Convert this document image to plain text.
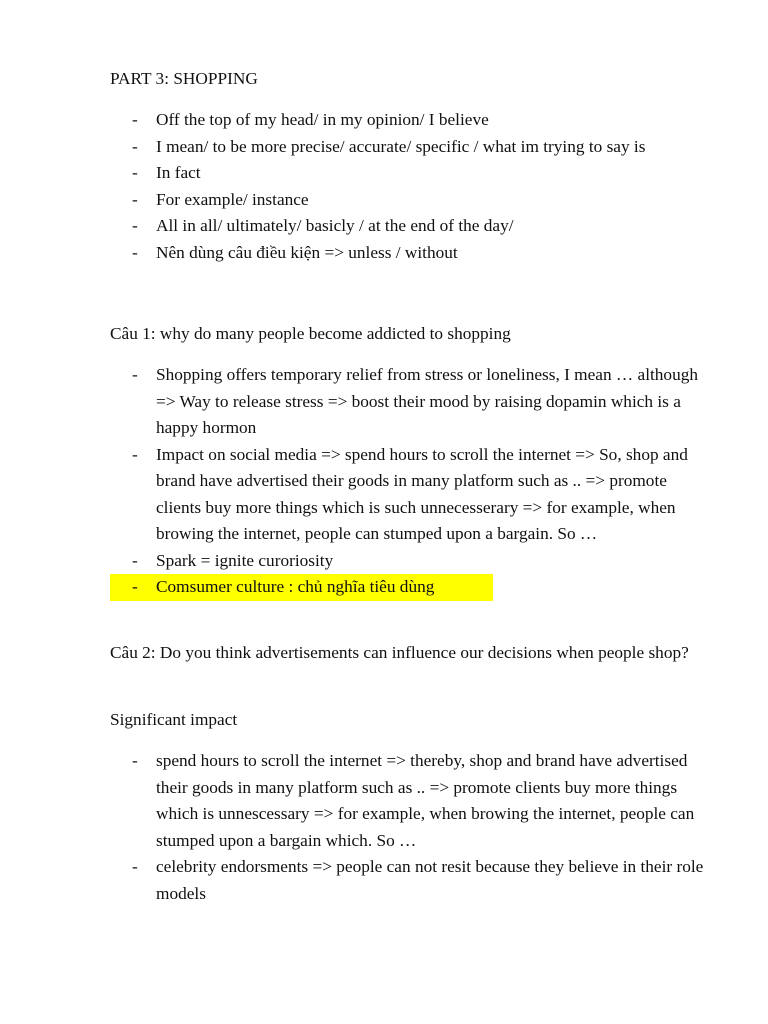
PART 3: SHOPPING

- Off the top of my head/ in my opinion/ I believe
- I mean/ to be more precise/ accurate/ specific / what im trying to say is
- In fact
- For example/ instance
- All in all/ ultimately/ basicly / at the end of the day/
- Nên dùng câu điều kiện => unless / without

Câu 1: why do many people become addicted to shopping

- Shopping offers temporary relief from stress or loneliness, I mean … although => Way to release stress => boost their mood by raising dopamin which is a happy hormon
- Impact on social media => spend hours to scroll the internet => So, shop and brand have advertised their goods in many platform such as .. => promote clients buy more things which is such unnecesserary => for example, when browing the internet, people can stumped upon a bargain. So …
- Spark = ignite curoriosity
- Comsumer culture : chủ nghĩa tiêu dùng

Câu 2: Do you think advertisements can influence our decisions when people shop?

Significant impact

- spend hours to scroll the internet => thereby, shop and brand have advertised their goods in many platform such as .. => promote clients buy more things which is unnescessary => for example, when browing the internet, people can stumped upon a bargain which. So …
- celebrity endorsments => people can not resit because they believe in their role models
